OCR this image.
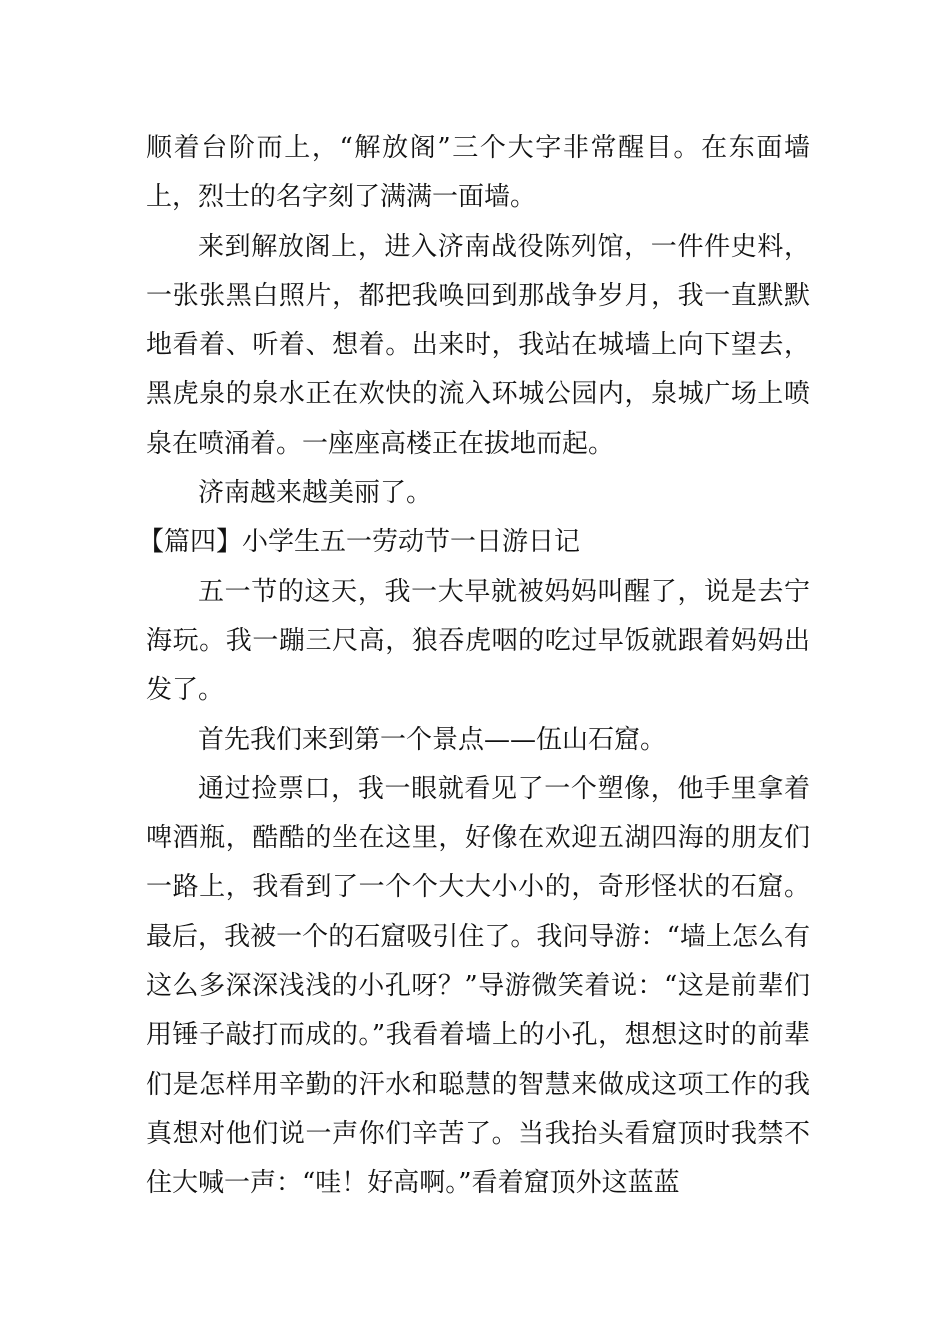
顺着台阶而上，“解放阁”三个大字非常醒目。在东面墙上，烈士的名字刻了满满一面墙。

来到解放阁上，进入济南战役陈列馆，一件件史料，一张张黑白照片，都把我唤回到那战争岁月，我一直默默地看着、听着、想着。出来时，我站在城墙上向下望去，黑虎泉的泉水正在欢快的流入环城公园内，泉城广场上喷泉在喷涌着。一座座高楼正在拔地而起。

济南越来越美丽了。

【篇四】小学生五一劳动节一日游日记

五一节的这天，我一大早就被妈妈叫醒了，说是去宁海玩。我一蹦三尺高，狼吞虎咽的吃过早饭就跟着妈妈出发了。

首先我们来到第一个景点——伍山石窟。

通过捡票口，我一眼就看见了一个塑像，他手里拿着啤酒瓶，酷酷的坐在这里，好像在欢迎五湖四海的朋友们一路上，我看到了一个个大大小小的，奇形怪状的石窟。最后，我被一个的石窟吸引住了。我问导游：“墙上怎么有这么多深深浅浅的小孔呀？”导游微笑着说：“这是前辈们用锤子敲打而成的。”我看着墙上的小孔，想想这时的前辈们是怎样用辛勤的汗水和聪慧的智慧来做成这项工作的我真想对他们说一声你们辛苦了。当我抬头看窟顶时我禁不住大喊一声：“哇！好高啊。”看着窟顶外这蓝蓝
